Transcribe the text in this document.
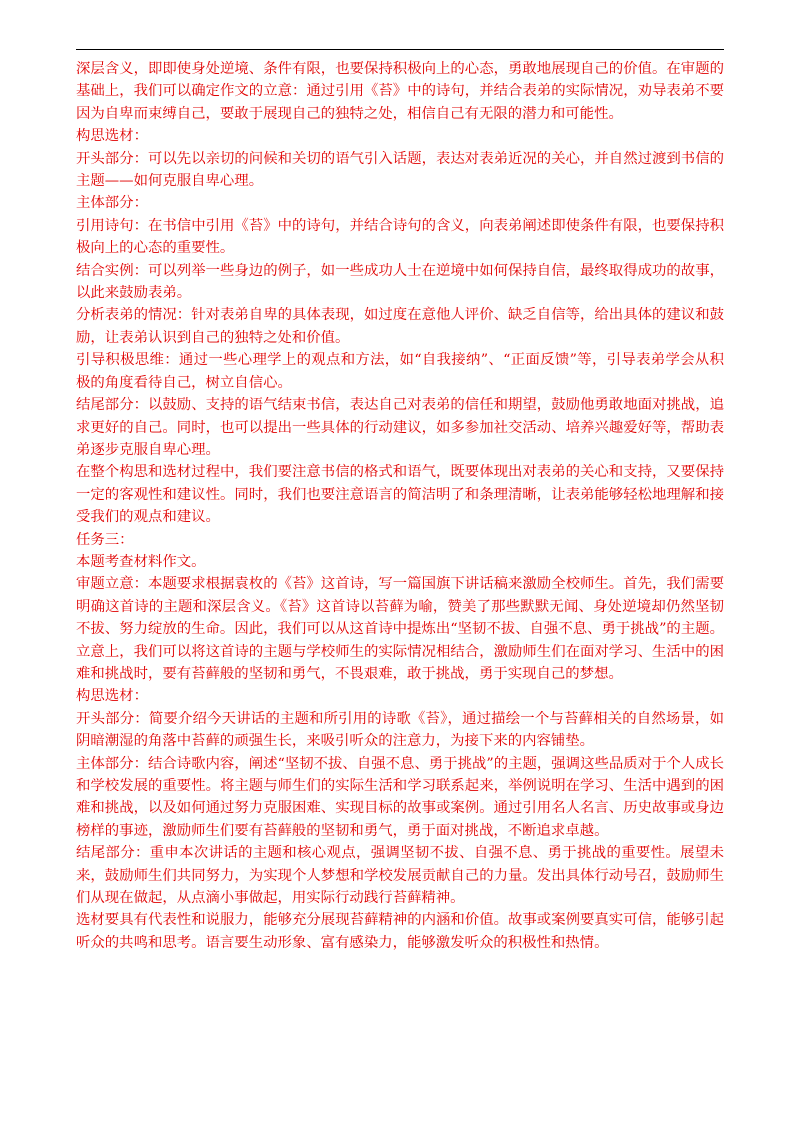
深层含义，即即使身处逆境、条件有限，也要保持积极向上的心态，勇敢地展现自己的价值。在审题的基础上，我们可以确定作文的立意：通过引用《苔》中的诗句，并结合表弟的实际情况，劝导表弟不要因为自卑而束缚自己，要敢于展现自己的独特之处，相信自己有无限的潜力和可能性。

构思选材：

开头部分：可以先以亲切的问候和关切的语气引入话题，表达对表弟近况的关心，并自然过渡到书信的主题——如何克服自卑心理。

主体部分：

引用诗句：在书信中引用《苔》中的诗句，并结合诗句的含义，向表弟阐述即使条件有限，也要保持积极向上的心态的重要性。

结合实例：可以列举一些身边的例子，如一些成功人士在逆境中如何保持自信，最终取得成功的故事，以此来鼓励表弟。

分析表弟的情况：针对表弟自卑的具体表现，如过度在意他人评价、缺乏自信等，给出具体的建议和鼓励，让表弟认识到自己的独特之处和价值。

引导积极思维：通过一些心理学上的观点和方法，如“自我接纳”、“正面反馈”等，引导表弟学会从积极的角度看待自己，树立自信心。

结尾部分：以鼓励、支持的语气结束书信，表达自己对表弟的信任和期望，鼓励他勇敢地面对挑战，追求更好的自己。同时，也可以提出一些具体的行动建议，如多参加社交活动、培养兴趣爱好等，帮助表弟逐步克服自卑心理。

在整个构思和选材过程中，我们要注意书信的格式和语气，既要体现出对表弟的关心和支持，又要保持一定的客观性和建议性。同时，我们也要注意语言的简洁明了和条理清晰，让表弟能够轻松地理解和接受我们的观点和建议。

任务三：

本题考查材料作文。

审题立意：本题要求根据袁枚的《苔》这首诗，写一篇国旗下讲话稿来激励全校师生。首先，我们需要明确这首诗的主题和深层含义。《苔》这首诗以苔藓为喻，赞美了那些默默无闻、身处逆境却仍然坚韧不拔、努力绽放的生命。因此，我们可以从这首诗中提炼出“坚韧不拔、自强不息、勇于挑战”的主题。立意上，我们可以将这首诗的主题与学校师生的实际情况相结合，激励师生们在面对学习、生活中的困难和挑战时，要有苔藓般的坚韧和勇气，不畏艰难，敢于挑战，勇于实现自己的梦想。

构思选材：

开头部分：简要介绍今天讲话的主题和所引用的诗歌《苔》，通过描绘一个与苔藓相关的自然场景，如阴暗潮湿的角落中苔藓的顽强生长，来吸引听众的注意力，为接下来的内容铺垫。

主体部分：结合诗歌内容，阐述“坚韧不拔、自强不息、勇于挑战”的主题，强调这些品质对于个人成长和学校发展的重要性。将主题与师生们的实际生活和学习联系起来，举例说明在学习、生活中遇到的困难和挑战，以及如何通过努力克服困难、实现目标的故事或案例。通过引用名人名言、历史故事或身边榜样的事迹，激励师生们要有苔藓般的坚韧和勇气，勇于面对挑战，不断追求卓越。

结尾部分：重申本次讲话的主题和核心观点，强调坚韧不拔、自强不息、勇于挑战的重要性。展望未来，鼓励师生们共同努力，为实现个人梦想和学校发展贡献自己的力量。发出具体行动号召，鼓励师生们从现在做起，从点滴小事做起，用实际行动践行苔藓精神。

选材要具有代表性和说服力，能够充分展现苔藓精神的内涵和价值。故事或案例要真实可信，能够引起听众的共鸣和思考。语言要生动形象、富有感染力，能够激发听众的积极性和热情。
